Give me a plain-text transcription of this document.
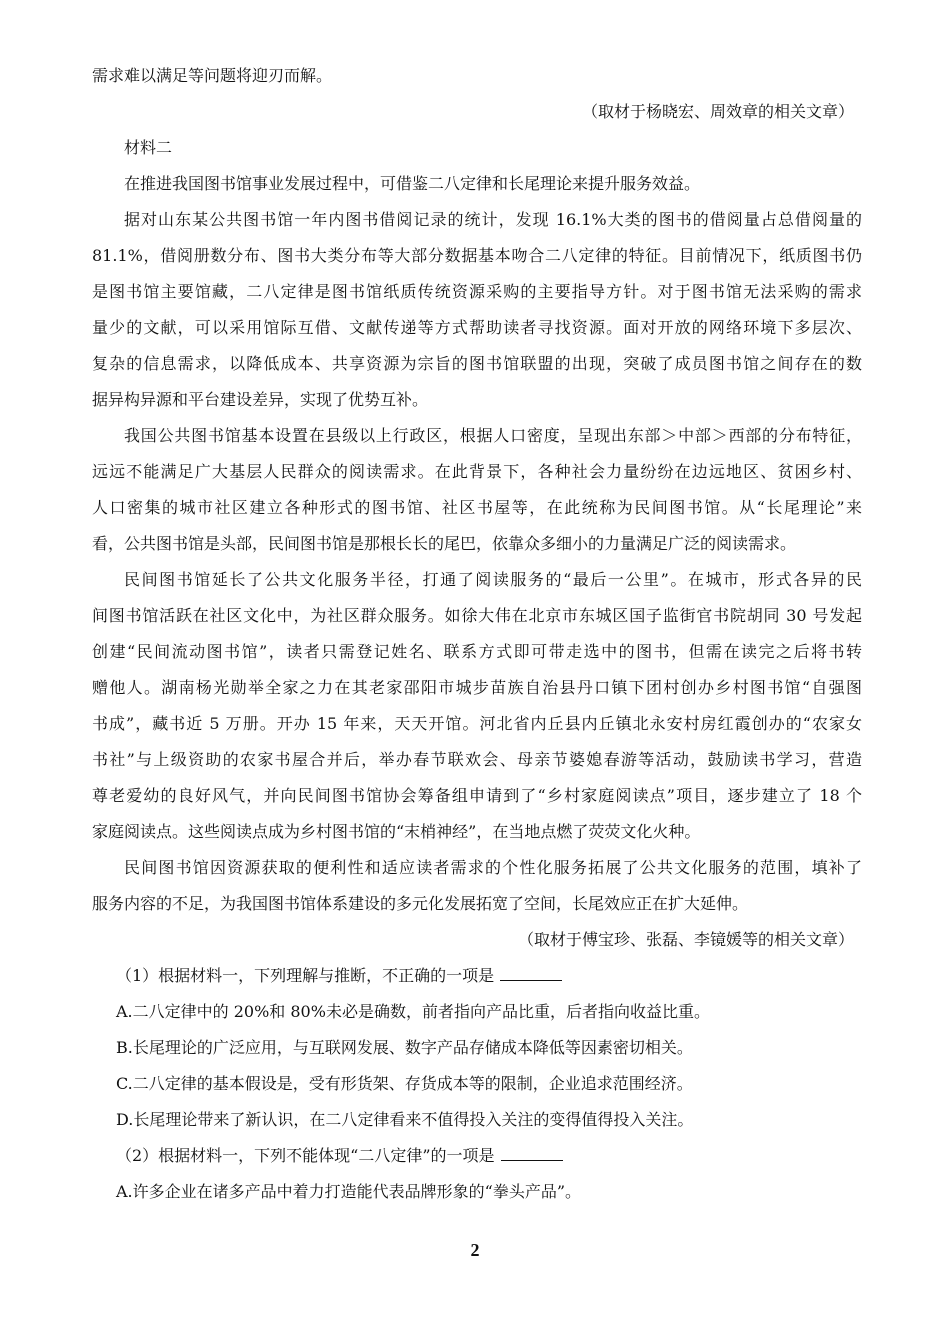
需求难以满足等问题将迎刃而解。
（取材于杨晓宏、周效章的相关文章）
材料二
在推进我国图书馆事业发展过程中，可借鉴二八定律和长尾理论来提升服务效益。
据对山东某公共图书馆一年内图书借阅记录的统计，发现 16.1%大类的图书的借阅量占总借阅量的
81.1%，借阅册数分布、图书大类分布等大部分数据基本吻合二八定律的特征。目前情况下，纸质图书仍
是图书馆主要馆藏，二八定律是图书馆纸质传统资源采购的主要指导方针。对于图书馆无法采购的需求
量少的文献，可以采用馆际互借、文献传递等方式帮助读者寻找资源。面对开放的网络环境下多层次、
复杂的信息需求，以降低成本、共享资源为宗旨的图书馆联盟的出现，突破了成员图书馆之间存在的数
据异构异源和平台建设差异，实现了优势互补。
我国公共图书馆基本设置在县级以上行政区，根据人口密度，呈现出东部＞中部＞西部的分布特征，
远远不能满足广大基层人民群众的阅读需求。在此背景下，各种社会力量纷纷在边远地区、贫困乡村、
人口密集的城市社区建立各种形式的图书馆、社区书屋等，在此统称为民间图书馆。从“长尾理论”来
看，公共图书馆是头部，民间图书馆是那根长长的尾巴，依靠众多细小的力量满足广泛的阅读需求。
民间图书馆延长了公共文化服务半径，打通了阅读服务的“最后一公里”。在城市，形式各异的民
间图书馆活跃在社区文化中，为社区群众服务。如徐大伟在北京市东城区国子监街官书院胡同 30 号发起
创建“民间流动图书馆”，读者只需登记姓名、联系方式即可带走选中的图书，但需在读完之后将书转
赠他人。湖南杨光勋举全家之力在其老家邵阳市城步苗族自治县丹口镇下团村创办乡村图书馆“自强图
书成”，藏书近 5 万册。开办 15 年来，天天开馆。河北省内丘县内丘镇北永安村房红霞创办的“农家女
书社”与上级资助的农家书屋合并后，举办春节联欢会、母亲节婆媳春游等活动，鼓励读书学习，营造
尊老爱幼的良好风气，并向民间图书馆协会筹备组申请到了“乡村家庭阅读点”项目，逐步建立了 18 个
家庭阅读点。这些阅读点成为乡村图书馆的“末梢神经”，在当地点燃了荧荧文化火种。
民间图书馆因资源获取的便利性和适应读者需求的个性化服务拓展了公共文化服务的范围，填补了
服务内容的不足，为我国图书馆体系建设的多元化发展拓宽了空间，长尾效应正在扩大延伸。
（取材于傅宝珍、张磊、李镜媛等的相关文章）
（1）根据材料一，下列理解与推断，不正确的一项是
A.二八定律中的 20%和 80%未必是确数，前者指向产品比重，后者指向收益比重。
B.长尾理论的广泛应用，与互联网发展、数字产品存储成本降低等因素密切相关。
C.二八定律的基本假设是，受有形货架、存货成本等的限制，企业追求范围经济。
D.长尾理论带来了新认识，在二八定律看来不值得投入关注的变得值得投入关注。
（2）根据材料一，下列不能体现“二八定律”的一项是
A.许多企业在诸多产品中着力打造能代表品牌形象的“拳头产品”。
2
